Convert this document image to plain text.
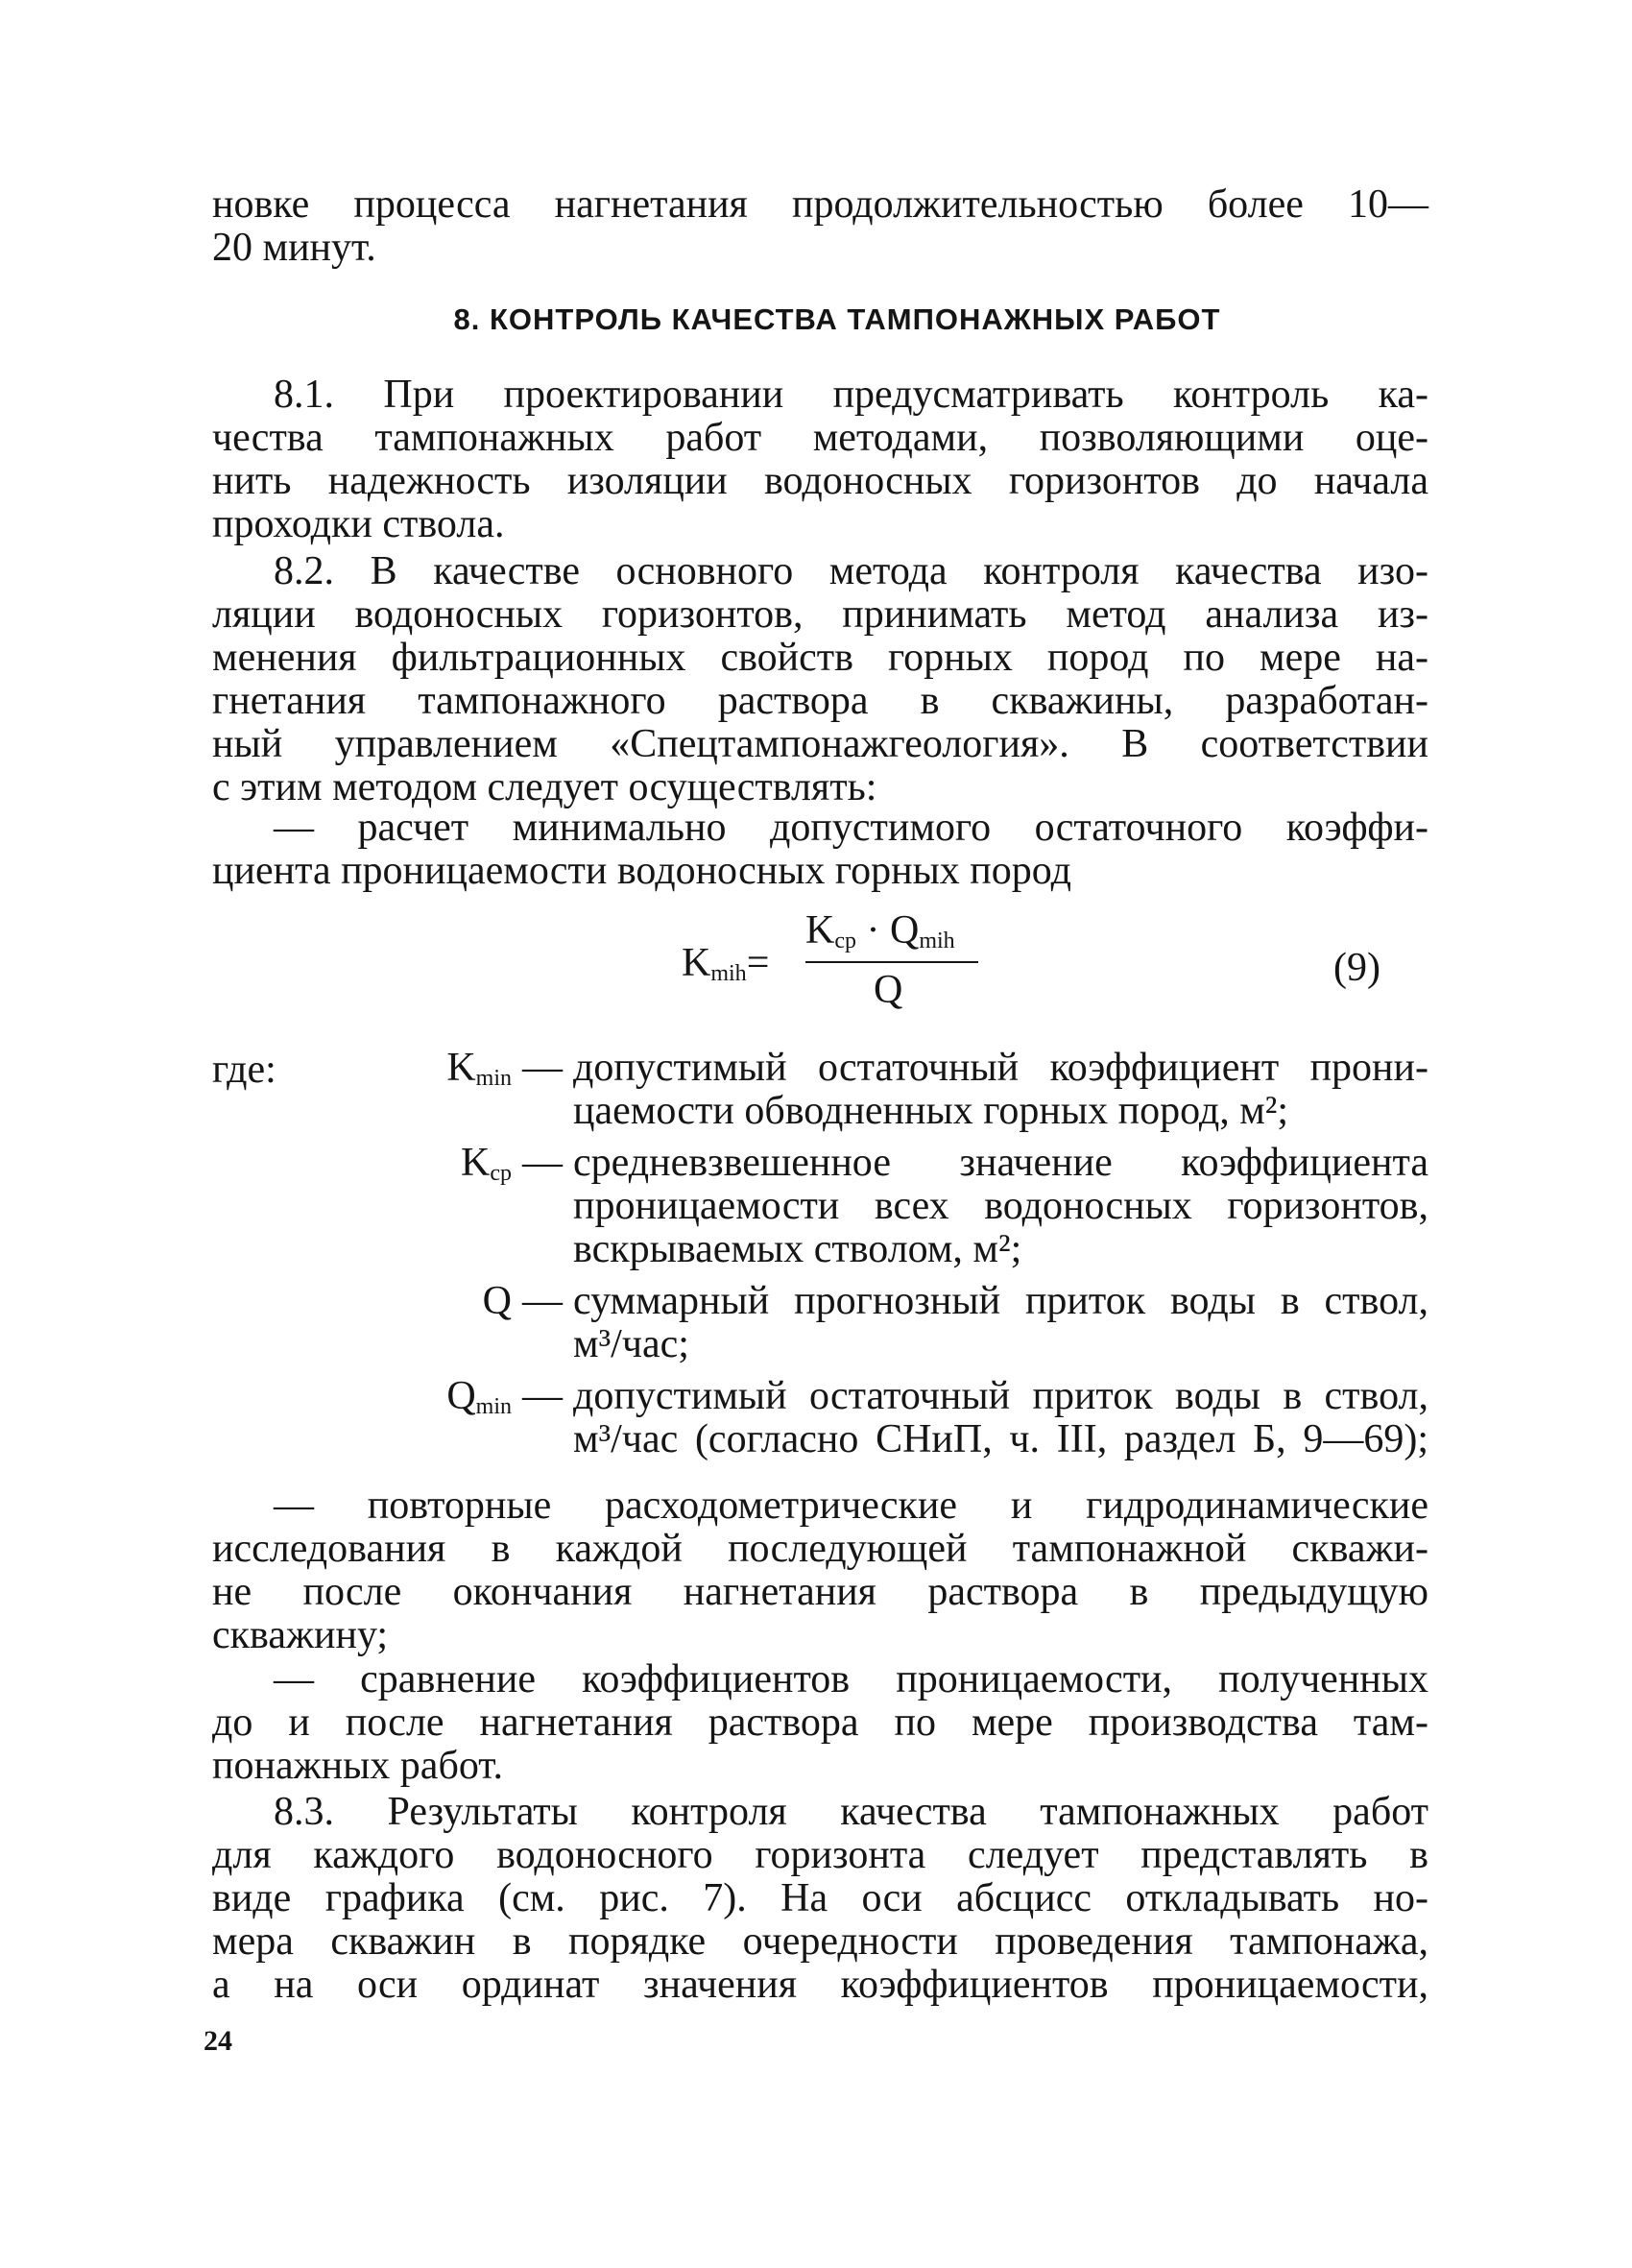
новке процесса нагнетания продолжительностью более 10—
20 минут.
8. КОНТРОЛЬ КАЧЕСТВА ТАМПОНАЖНЫХ РАБОТ
8.1. При проектировании предусматривать контроль ка-
чества тампонажных работ методами, позволяющими оце-
нить надежность изоляции водоносных горизонтов до начала
проходки ствола.
8.2. В качестве основного метода контроля качества изо-
ляции водоносных горизонтов, принимать метод анализа из-
менения фильтрационных свойств горных пород по мере на-
гнетания тампонажного раствора в скважины, разработан-
ный управлением «Спецтампонажгеология». В соответствии
с этим методом следует осуществлять:
— расчет минимально допустимого остаточного коэффи-
циента проницаемости водоносных горных пород
$K_{mih}=$
$K_{cp} \cdot Q_{mih}$
Q	(9)
где:	$K_{min}$ — допустимый остаточный коэффициент прони-
цаемости обводненных горных пород, м²;
$K_{cp}$ — средневзвешенное значение коэффициента
проницаемости всех водоносных горизонтов,
вскрываемых стволом, м²;
Q — суммарный прогнозный приток воды в ствол,
м³/час;
$Q_{min}$ — допустимый остаточный приток воды в ствол,
м³/час (согласно СНиП, ч. III, раздел Б, 9—69);
— повторные расходометрические и гидродинамические
исследования в каждой последующей тампонажной скважи-
не после окончания нагнетания раствора в предыдущую
скважину;
— сравнение коэффициентов проницаемости, полученных
до и после нагнетания раствора по мере производства там-
понажных работ.
8.3. Результаты контроля качества тампонажных работ
для каждого водоносного горизонта следует представлять в
виде графика (см. рис. 7). На оси абсцисс откладывать но-
мера скважин в порядке очередности проведения тампонажа,
а на оси ординат значения коэффициентов проницаемости,
24
